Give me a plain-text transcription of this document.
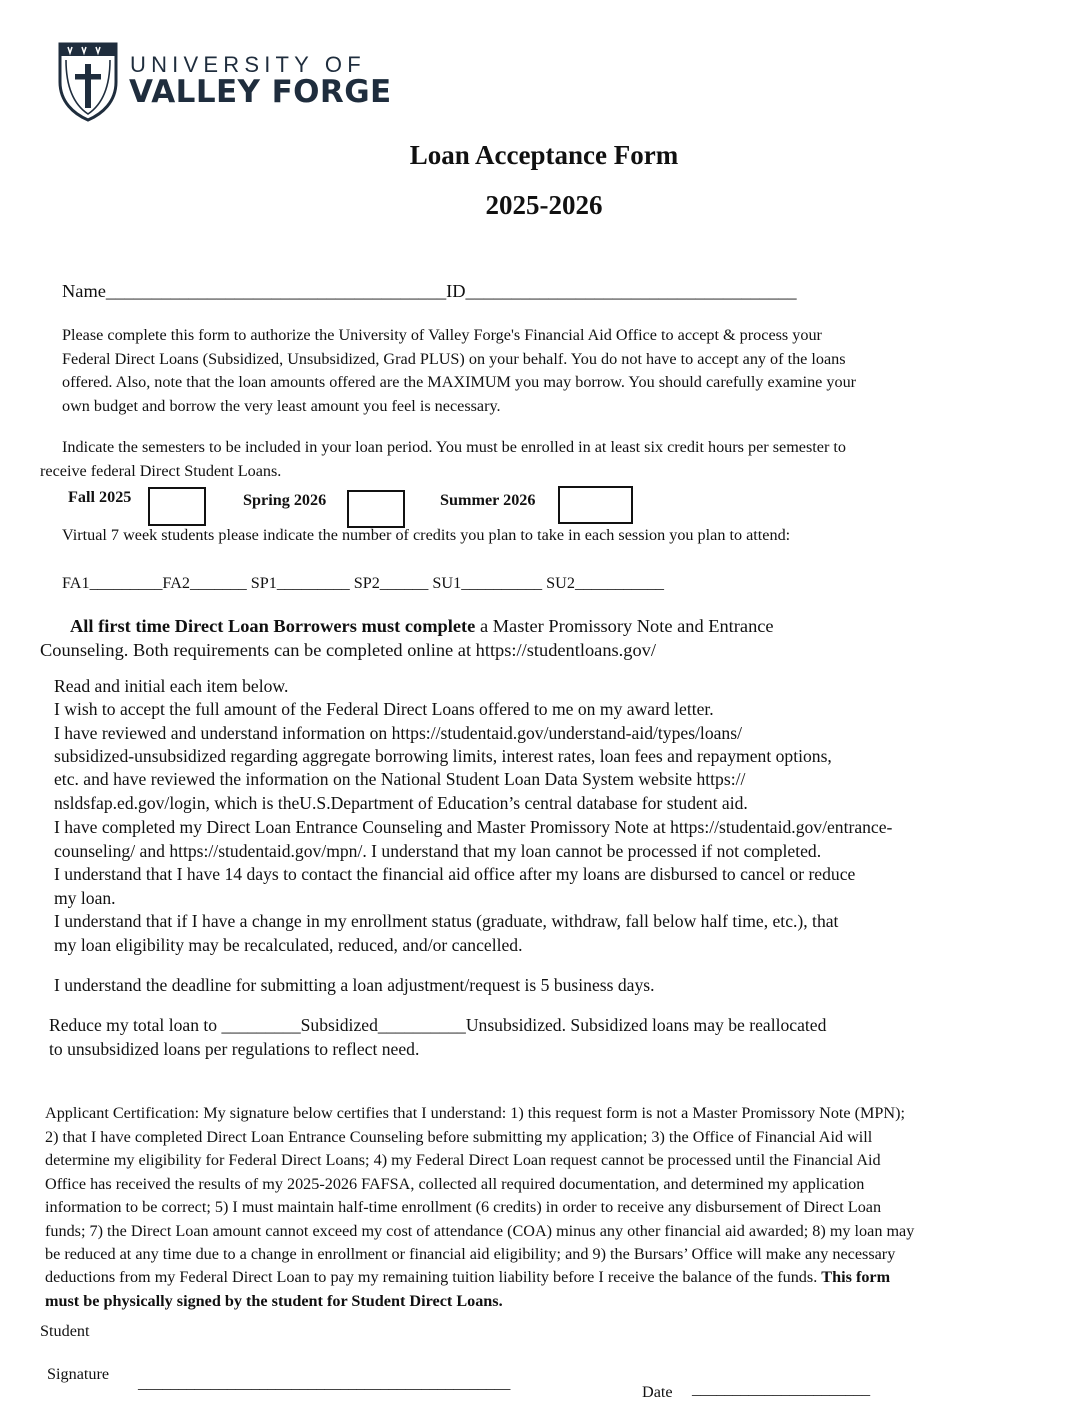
UNIVERSITY OF
VALLEY FORGE
Loan Acceptance Form
2025-2026
Name_____________________________________ID____________________________________
Please complete this form to authorize the University of Valley Forge's Financial Aid Office to accept & process your
Federal Direct Loans (Subsidized, Unsubsidized, Grad PLUS) on your behalf. You do not have to accept any of the loans
offered. Also, note that the loan amounts offered are the MAXIMUM you may borrow. You should carefully examine your
own budget and borrow the very least amount you feel is necessary.
Indicate the semesters to be included in your loan period. You must be enrolled in at least six credit hours per semester to
receive federal Direct Student Loans.
Fall 2025	Spring 2026	Summer 2026
Virtual 7 week students please indicate the number of credits you plan to take in each session you plan to attend:
FA1_________FA2_______ SP1_________ SP2______ SU1__________ SU2___________
All first time Direct Loan Borrowers must complete a Master Promissory Note and Entrance
Counseling. Both requirements can be completed online at https://studentloans.gov/
Read and initial each item below.
I wish to accept the full amount of the Federal Direct Loans offered to me on my award letter.
I have reviewed and understand information on https://studentaid.gov/understand-aid/types/loans/
subsidized-unsubsidized regarding aggregate borrowing limits, interest rates, loan fees and repayment options,
etc. and have reviewed the information on the National Student Loan Data System website https://
nsldsfap.ed.gov/login, which is theU.S.Department of Education’s central database for student aid.
I have completed my Direct Loan Entrance Counseling and Master Promissory Note at https://studentaid.gov/entrance-
counseling/ and https://studentaid.gov/mpn/. I understand that my loan cannot be processed if not completed.
I understand that I have 14 days to contact the financial aid office after my loans are disbursed to cancel or reduce
my loan.
I understand that if I have a change in my enrollment status (graduate, withdraw, fall below half time, etc.), that
my loan eligibility may be recalculated, reduced, and/or cancelled.
I understand the deadline for submitting a loan adjustment/request is 5 business days.
Reduce my total loan to _________Subsidized__________Unsubsidized. Subsidized loans may be reallocated
to unsubsidized loans per regulations to reflect need.
Applicant Certification: My signature below certifies that I understand: 1) this request form is not a Master Promissory Note (MPN);
2) that I have completed Direct Loan Entrance Counseling before submitting my application; 3) the Office of Financial Aid will
determine my eligibility for Federal Direct Loans; 4) my Federal Direct Loan request cannot be processed until the Financial Aid
Office has received the results of my 2025-2026 FAFSA, collected all required documentation, and determined my application
information to be correct; 5) I must maintain half-time enrollment (6 credits) in order to receive any disbursement of Direct Loan
funds; 7) the Direct Loan amount cannot exceed my cost of attendance (COA) minus any other financial aid awarded; 8) my loan may
be reduced at any time due to a change in enrollment or financial aid eligibility; and 9) the Bursars’ Office will make any necessary
deductions from my Federal Direct Loan to pay my remaining tuition liability before I receive the balance of the funds. This form
must be physically signed by the student for Student Direct Loans.
Student
Signature ______________________________________________	Date ______________________
